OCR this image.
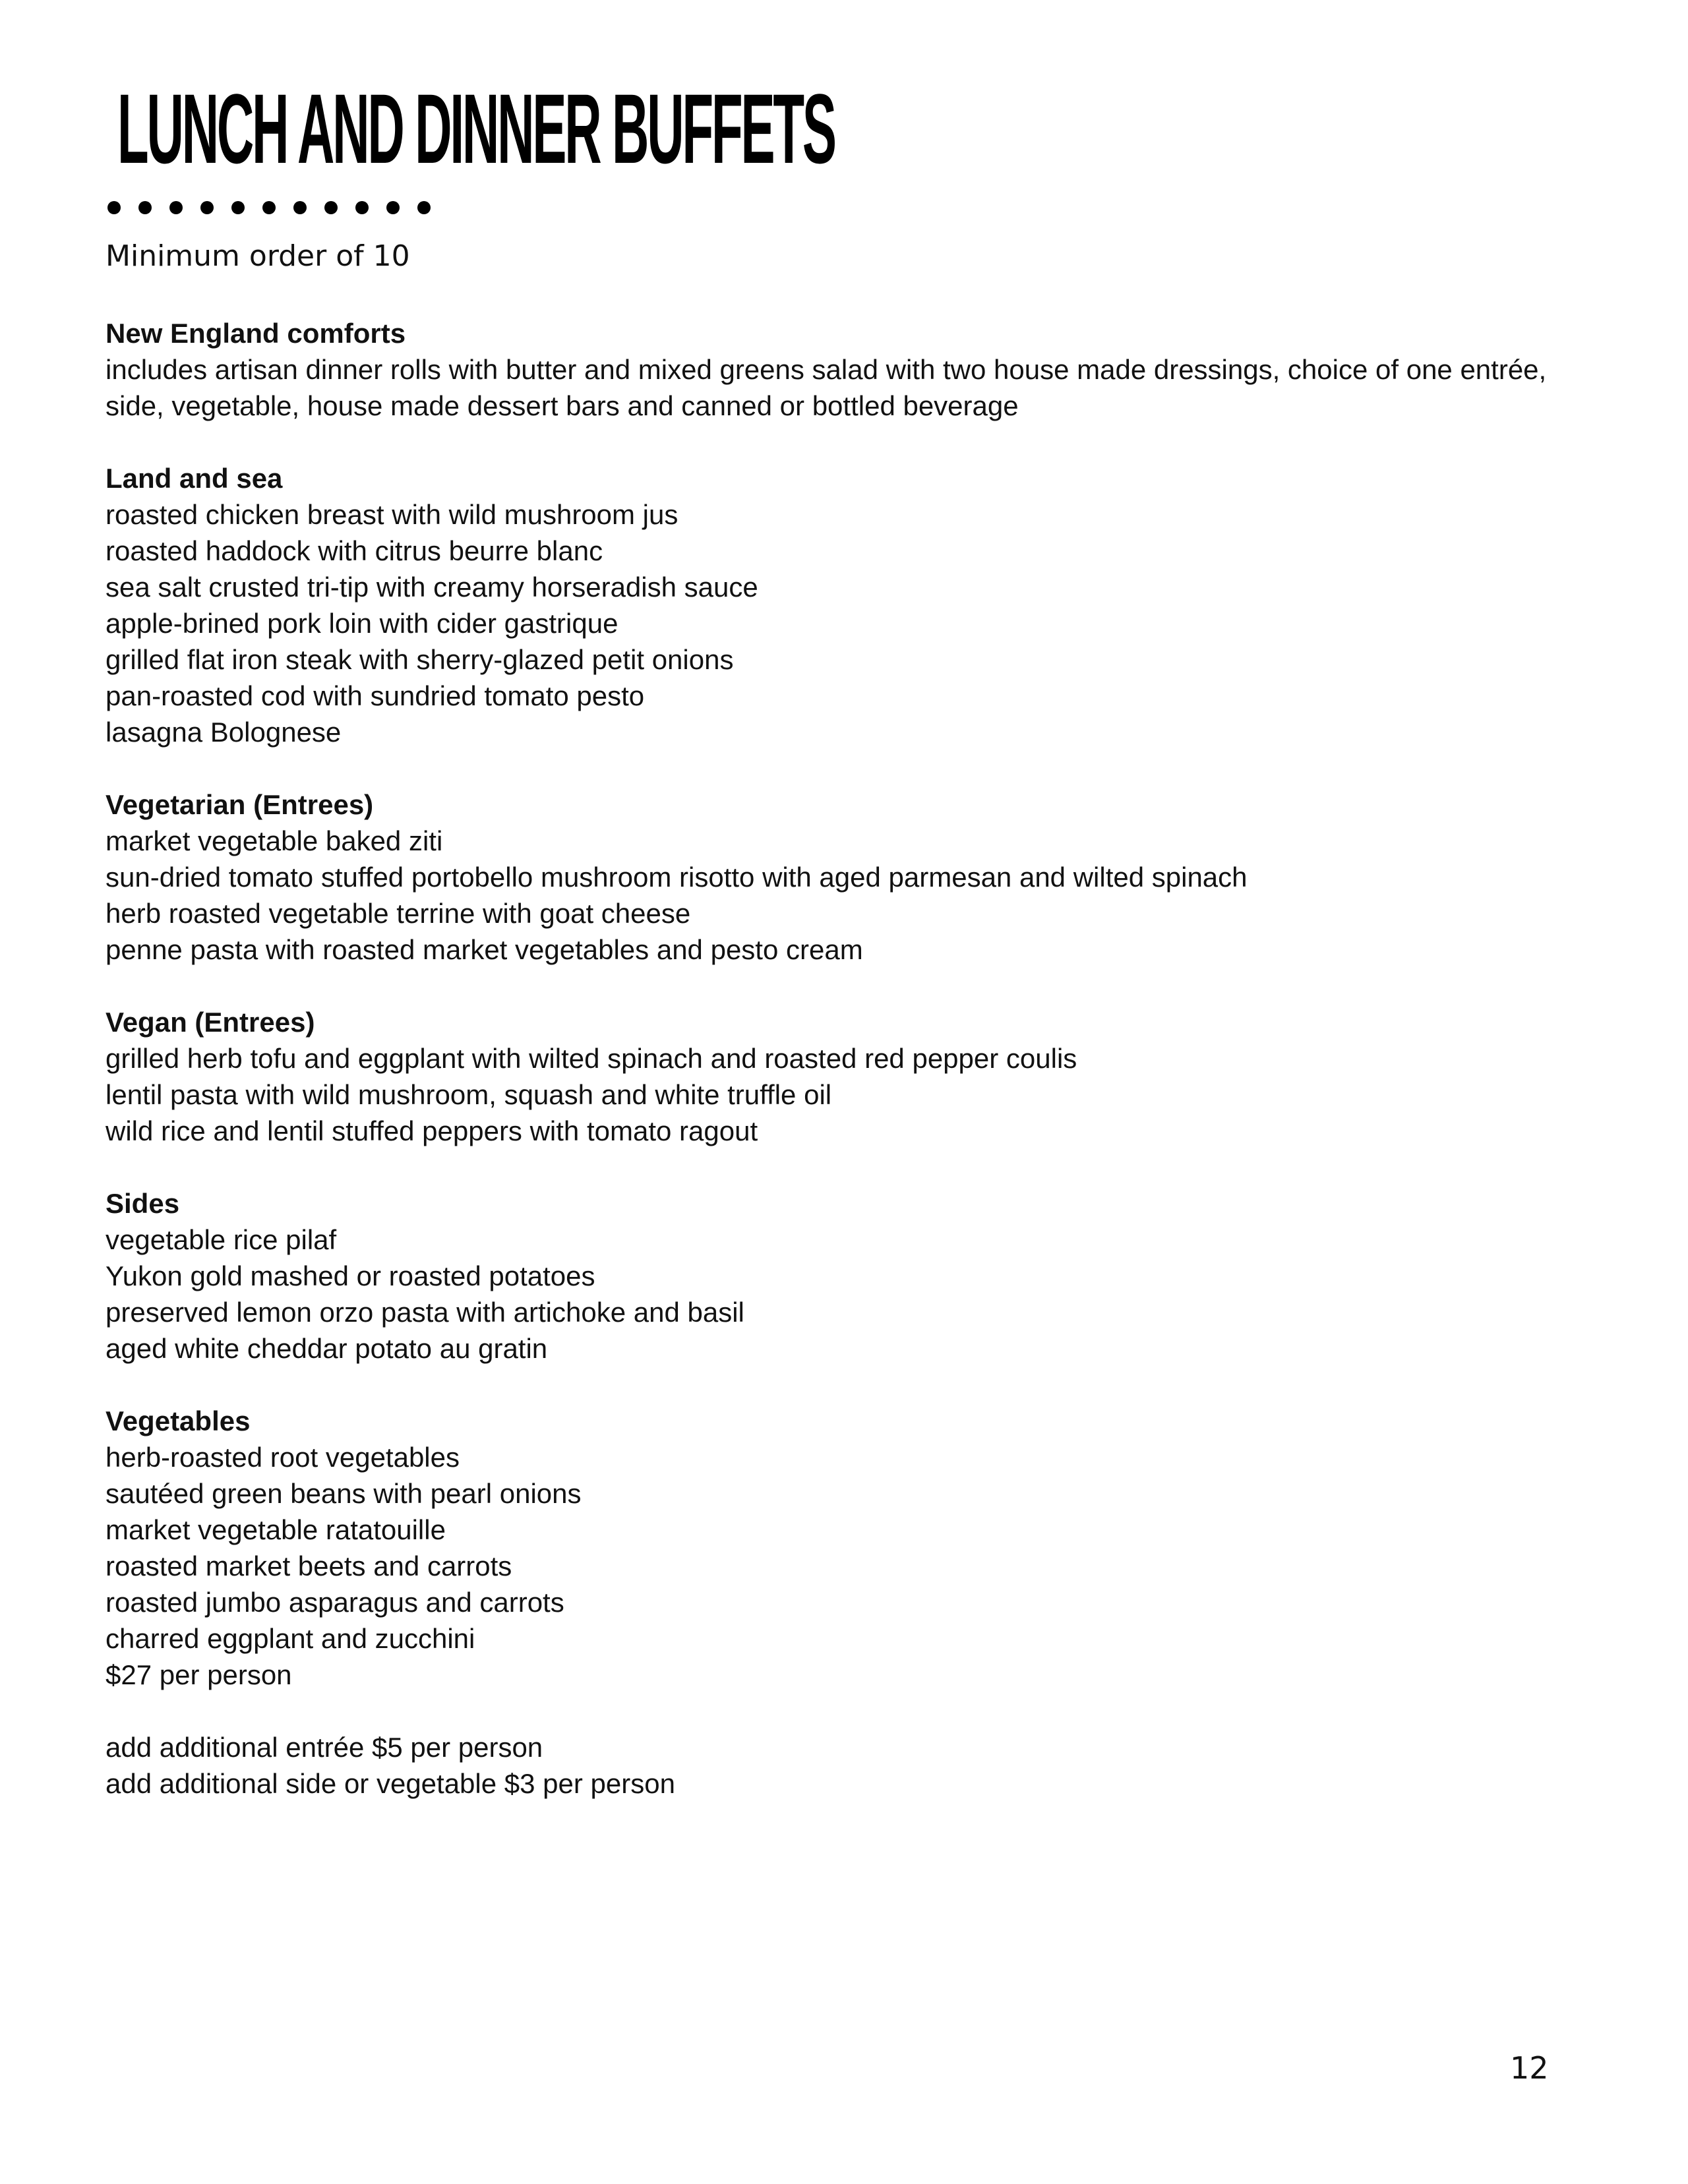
LUNCH AND DINNER BUFFETS
Minimum order of 10
New England comforts
includes artisan dinner rolls with butter and mixed greens salad with two house made dressings, choice of one entrée, side, vegetable, house made dessert bars and canned or bottled beverage
Land and sea
roasted chicken breast with wild mushroom jus
roasted haddock with citrus beurre blanc
sea salt crusted tri-tip with creamy horseradish sauce
apple-brined pork loin with cider gastrique
grilled flat iron steak with sherry-glazed petit onions
pan-roasted cod with sundried tomato pesto
lasagna Bolognese
Vegetarian (Entrees)
market vegetable baked ziti
sun-dried tomato stuffed portobello mushroom risotto with aged parmesan and wilted spinach
herb roasted vegetable terrine with goat cheese
penne pasta with roasted market vegetables and pesto cream
Vegan (Entrees)
grilled herb tofu and eggplant with wilted spinach and roasted red pepper coulis
lentil pasta with wild mushroom, squash and white truffle oil
wild rice and lentil stuffed peppers with tomato ragout
Sides
vegetable rice pilaf
Yukon gold mashed or roasted potatoes
preserved lemon orzo pasta with artichoke and basil
aged white cheddar potato au gratin
Vegetables
herb-roasted root vegetables
sautéed green beans with pearl onions
market vegetable ratatouille
roasted market beets and carrots
roasted jumbo asparagus and carrots
charred eggplant and zucchini
$27 per person
add additional entrée $5 per person
add additional side or vegetable $3 per person
12
